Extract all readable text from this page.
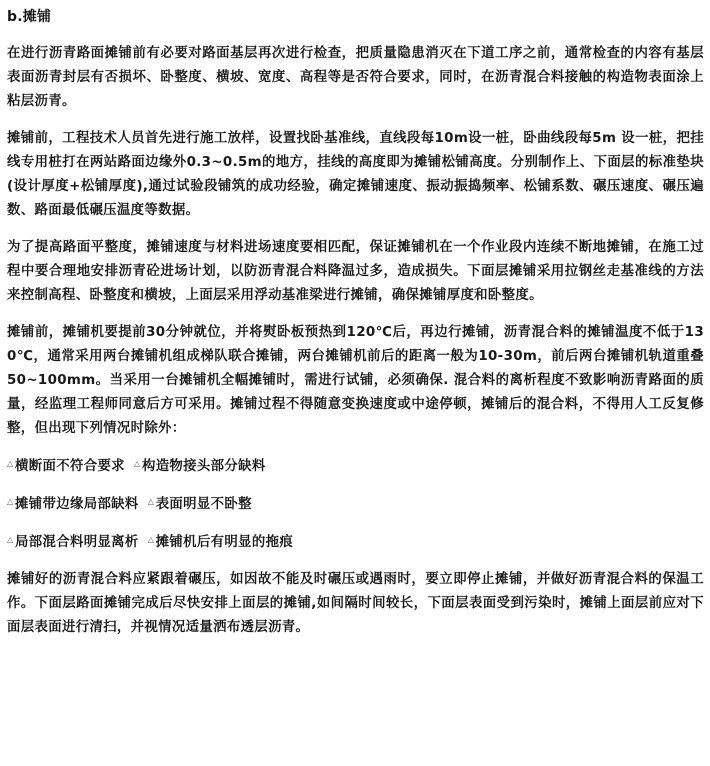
b.摊铺

在进行沥青路面摊铺前有必要对路面基层再次进行检查，把质量隐患消灭在下道工序之前，通常检查的内容有基层表面沥青封层有否损坏、卧整度、横坡、宽度、高程等是否符合要求，同时，在沥青混合料接触的构造物表面涂上粘层沥青。

摊铺前，工程技术人员首先进行施工放样，设置找卧基准线，直线段每10m设一桩，卧曲线段每5m 设一桩，把挂线专用桩打在两站路面边缘外0.3~0.5m的地方，挂线的高度即为摊铺松铺高度。分别制作上、下面层的标准垫块(设计厚度+松铺厚度),通过试验段铺筑的成功经验，确定摊铺速度、振动振捣频率、松铺系数、碾压速度、碾压遍数、路面最低碾压温度等数据。

为了提高路面平整度，摊铺速度与材料进场速度要相匹配，保证摊铺机在一个作业段内连续不断地摊铺，在施工过程中要合理地安排沥青砼进场计划，以防沥青混合料降温过多，造成损失。下面层摊铺采用拉钢丝走基准线的方法来控制高程、卧整度和横坡，上面层采用浮动基准梁进行摊铺，确保摊铺厚度和卧整度。

摊铺前，摊铺机要提前30分钟就位，并将熨卧板预热到120℃后，再边行摊铺，沥青混合料的摊铺温度不低于130℃，通常采用两台摊铺机组成梯队联合摊铺，两台摊铺机前后的距离一般为10-30m，前后两台摊铺机轨道重叠50~100mm。当采用一台摊铺机全幅摊铺时，需进行试铺，必须确保. 混合料的离析程度不致影响沥青路面的质量，经监理工程师同意后方可采用。摊铺过程不得随意变换速度或中途停顿，摊铺后的混合料，不得用人工反复修整，但出现下列情况时除外：

△横断面不符合要求 △构造物接头部分缺料
△摊铺带边缘局部缺料 △表面明显不卧整
△局部混合料明显离析 △摊铺机后有明显的拖痕

摊铺好的沥青混合料应紧跟着碾压，如因故不能及时碾压或遇雨时，要立即停止摊铺，并做好沥青混合料的保温工作。下面层路面摊铺完成后尽快安排上面层的摊铺,如间隔时间较长，下面层表面受到污染时，摊铺上面层前应对下面层表面进行清扫，并视情况适量洒布透层沥青。
